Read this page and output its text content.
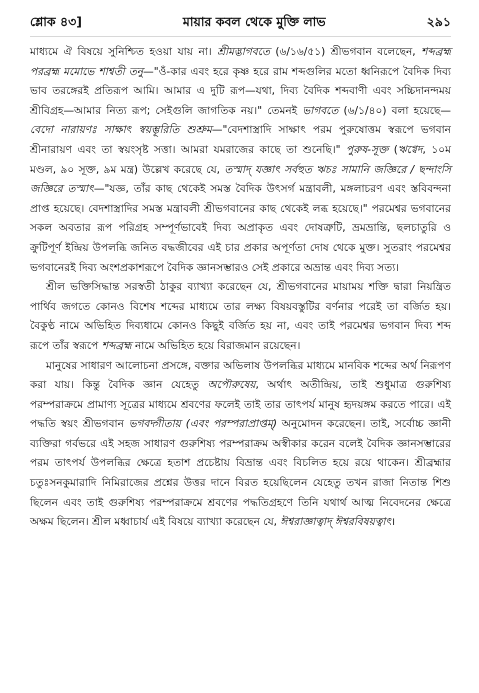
শ্লোক ৪৩]	মায়ার কবল থেকে মুক্তি লাভ	২৯১

মাধ্যমে ঐ বিষয়ে সুনিশ্চিত হওয়া যায় না। শ্রীমদ্ভাগবতে (৬/১৬/৫১) শ্রীভগবান বলেছেন, শব্দব্রহ্ম পরব্রহ্ম মমোভে শাশ্বতী তনু—"ওঁ-কার এবং হরে কৃষ্ণ হরে রাম শব্দগুলির মতো ধ্বনিরূপে বৈদিক দিব্য ভাব তরঙ্গেরই প্রতিরূপ আমি। আমার এ দুটি রূপ—যথা, দিব্য বৈদিক শব্দবাণী এবং সচ্চিদানন্দময় শ্রীবিগ্রহ—আমার নিত্য রূপ; সেইগুলি জাগতিক নয়।" তেমনই ভাগবতে (৬/১/৪০) বলা হয়েছে—বেদো নারায়ণঃ সাক্ষাৎ স্বয়ম্ভূরিতি শুশ্রুম—"বেদশাস্ত্রাদি সাক্ষাৎ পরম পুরুষোত্তম স্বরূপে ভগবান শ্রীনারায়ণ এবং তা স্বয়ংসৃষ্ট সত্তা। আমরা যমরাজের কাছে তা শুনেছি।" পুরুষ-সূক্ত (ঋগ্বেদ, ১০ম মণ্ডল, ৯০ সূক্ত, ৯ম মন্ত্র) উল্লেখ করেছে যে, তস্মাদ্ যজ্ঞাৎ সর্বহুত ঋচঃ সামানি জজ্ঞিরে / ছন্দাংসি জজ্ঞিরে তস্মাৎ—"যজ্ঞ, তাঁর কাছ থেকেই সমস্ত বৈদিক উৎসর্গ মন্ত্রাবলী, মঙ্গলাচরণ এবং স্তবিবন্দনা প্রাপ্ত হয়েছে। বেদশাস্ত্রাদির সমস্ত মন্ত্রাবলী শ্রীভগবানের কাছ থেকেই লব্ধ হয়েছে।" পরমেশ্বর ভগবানের সকল অবতার রূপ পরিগ্রহ সম্পূর্ণভাবেই দিব্য অপ্রাকৃত এবং দোষত্রুটি, ভ্রমভ্রান্তি, ছলচাতুরি ও ক্রুটিপূর্ণ ইন্দ্রিয় উপলব্ধি জনিত বদ্ধজীবের এই চার প্রকার অপূর্ণতা দোষ থেকে মুক্ত। সুতরাং পরমেশ্বর ভগবানেরই দিব্য অংশপ্রকাশরূপে বৈদিক জ্ঞানসম্ভারও সেই প্রকারে অভ্রান্ত এবং দিব্য সত্য।

শ্রীল ভক্তিসিদ্ধান্ত সরস্বতী ঠাকুর ব্যাখ্যা করেছেন যে, শ্রীভগবানের মায়াময় শক্তি দ্বারা নিয়ন্ত্রিত পার্থিব জগতে কোনও বিশেষ শব্দের মাধ্যমে তার লক্ষ্য বিষয়বস্তুটির বর্ণনার পরেই তা বর্জিত হয়। বৈকুণ্ঠ নামে অভিহিত দিব্যধামে কোনও কিছুই বর্জিত হয় না, এবং তাই পরমেশ্বর ভগবান দিব্য শব্দ রূপে তাঁর স্বরূপে শব্দব্রহ্ম নামে অভিহিত হয়ে বিরাজমান রয়েছেন।

মানুষের সাধারণ আলোচনা প্রসঙ্গে, বক্তার অভিলাষ উপলব্ধির মাধ্যমে মানবিক শব্দের অর্থ নিরূপণ করা যায়। কিন্তু বৈদিক জ্ঞান যেহেতু অপৌরুষেয়, অর্থাৎ অতীন্দ্রিয়, তাই শুধুমাত্র গুরুশিষ্য পরম্পরাক্রমে প্রামাণ্য সূত্রের মাধ্যমে শ্রবণের ফলেই তাই তার তাৎপর্য মানুষ হৃদয়ঙ্গম করতে পারে। এই পদ্ধতি স্বয়ং শ্রীভগবান ভগবদ্গীতায় (এবং পরম্পরাপ্রাপ্তম্) অনুমোদন করেছেন। তাই, সর্বোচ্চ জ্ঞানী ব্যক্তিরা গর্বভরে এই সহজ সাধারণ গুরুশিষ্য পরম্পরাক্রম অস্বীকার করেন বলেই বৈদিক জ্ঞানসম্ভারের পরম তাৎপর্য উপলব্ধির ক্ষেত্রে হতাশ প্রচেষ্টায় বিভ্রান্ত এবং বিচলিত হয়ে রয়ে থাকেন। শ্রীব্রহ্মার চতুঃসনকুমারাদি নিমিরাজের প্রশ্নের উত্তর দানে বিরত হয়েছিলেন যেহেতু তখন রাজা নিতান্ত শিশু ছিলেন এবং তাই গুরুশিষ্য পরম্পরাক্রমে শ্রবণের পদ্ধতিগ্রহণে তিনি যথার্থ আত্ম নিবেদনের ক্ষেত্রে অক্ষম ছিলেন। শ্রীল মধ্বাচার্য এই বিষয়ে ব্যাখ্যা করেছেন যে, ঈশ্বরাজ্ঞাত্বাদ্ ঈশ্বরবিষয়ত্বাৎ।
